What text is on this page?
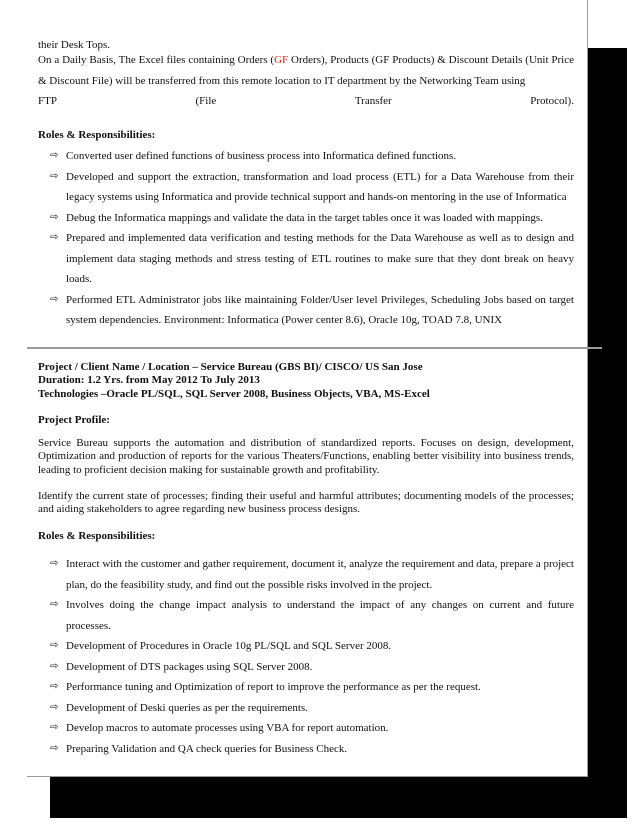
their Desk Tops.
On a Daily Basis, The Excel files containing Orders (GF Orders), Products (GF Products) & Discount Details (Unit Price & Discount File) will be transferred from this remote location to IT department by the Networking Team using
FTP	(File	Transfer	Protocol).
Roles & Responsibilities:
⇨ Converted user defined functions of business process into Informatica defined functions.
⇨ Developed and support the extraction, transformation and load process (ETL) for a Data Warehouse from their legacy systems using Informatica and provide technical support and hands-on mentoring in the use of Informatica
⇨ Debug the Informatica mappings and validate the data in the target tables once it was loaded with mappings.
⇨ Prepared and implemented data verification and testing methods for the Data Warehouse as well as to design and implement data staging methods and stress testing of ETL routines to make sure that they dont break on heavy loads.
⇨ Performed ETL Administrator jobs like maintaining Folder/User level Privileges, Scheduling Jobs based on target system dependencies. Environment: Informatica (Power center 8.6), Oracle 10g, TOAD 7.8, UNIX
Project / Client Name / Location – Service Bureau (GBS BI)/ CISCO/ US San Jose
Duration: 1.2 Yrs. from May 2012 To July 2013
Technologies –Oracle PL/SQL, SQL Server 2008, Business Objects, VBA, MS-Excel
Project Profile:
Service Bureau supports the automation and distribution of standardized reports. Focuses on design, development, Optimization and production of reports for the various Theaters/Functions, enabling better visibility into business trends, leading to proficient decision making for sustainable growth and profitability.
Identify the current state of processes; finding their useful and harmful attributes; documenting models of the processes; and aiding stakeholders to agree regarding new business process designs.
Roles & Responsibilities:
⇨ Interact with the customer and gather requirement, document it, analyze the requirement and data, prepare a project plan, do the feasibility study, and find out the possible risks involved in the project.
⇨ Involves doing the change impact analysis to understand the impact of any changes on current and future processes.
⇨ Development of Procedures in Oracle 10g PL/SQL and SQL Server 2008.
⇨ Development of DTS packages using SQL Server 2008.
⇨ Performance tuning and Optimization of report to improve the performance as per the request.
⇨ Development of Deski queries as per the requirements.
⇨ Develop macros to automate processes using VBA for report automation.
⇨ Preparing Validation and QA check queries for Business Check.
